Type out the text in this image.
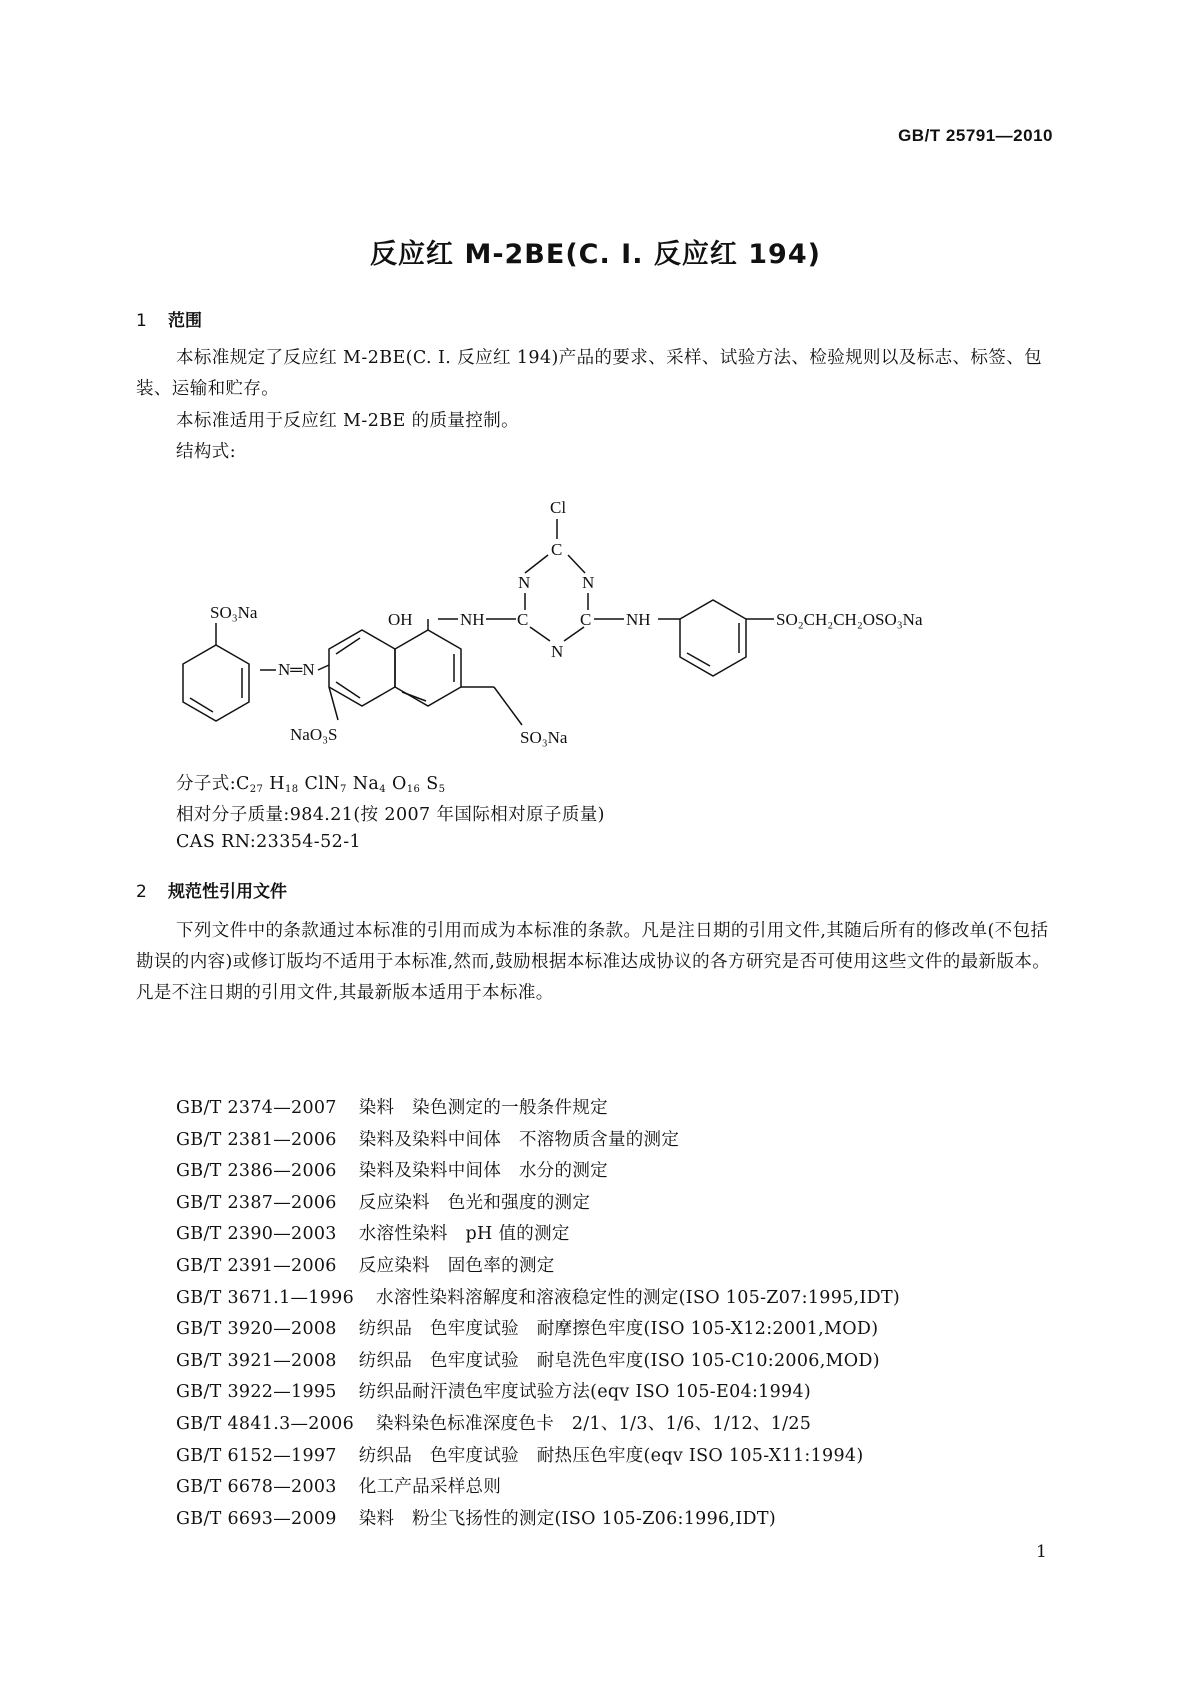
GB/T 25791—2010
反应红 M-2BE(C. I. 反应红 194)
1 范围
本标准规定了反应红 M-2BE(C. I. 反应红 194)产品的要求、采样、试验方法、检验规则以及标志、标签、包装、运输和贮存。
本标准适用于反应红 M-2BE 的质量控制。
结构式:
Cl
C
N	N
C	C
N
NH	NH	SO₂CH₂CH₂OSO₃Na
OH
N═N
SO₃Na
NaO₃S	SO₃Na
分子式$:C_{27}$ $H_{18}$ ClN$_7$ $Na_4$ $O_{16}$ $S_5$
相对分子质量:984.21(按 2007 年国际相对原子质量)
CAS RN:23354-52-1
2 规范性引用文件
下列文件中的条款通过本标准的引用而成为本标准的条款。凡是注日期的引用文件,其随后所有的修改单(不包括勘误的内容)或修订版均不适用于本标准,然而,鼓励根据本标准达成协议的各方研究是否可使用这些文件的最新版本。凡是不注日期的引用文件,其最新版本适用于本标准。
GB/T 2374—2007 染料　染色测定的一般条件规定
GB/T 2381—2006 染料及染料中间体　不溶物质含量的测定
GB/T 2386—2006 染料及染料中间体　水分的测定
GB/T 2387—2006 反应染料　色光和强度的测定
GB/T 2390—2003 水溶性染料　pH 值的测定
GB/T 2391—2006 反应染料　固色率的测定
GB/T 3671.1—1996 水溶性染料溶解度和溶液稳定性的测定(ISO 105-Z07:1995,IDT)
GB/T 3920—2008 纺织品　色牢度试验　耐摩擦色牢度(ISO 105-X12:2001,MOD)
GB/T 3921—2008 纺织品　色牢度试验　耐皂洗色牢度(ISO 105-C10:2006,MOD)
GB/T 3922—1995 纺织品耐汗渍色牢度试验方法(eqv ISO 105-E04:1994)
GB/T 4841.3—2006 染料染色标准深度色卡　2/1、1/3、1/6、1/12、1/25
GB/T 6152—1997 纺织品　色牢度试验　耐热压色牢度(eqv ISO 105-X11:1994)
GB/T 6678—2003 化工产品采样总则
GB/T 6693—2009 染料　粉尘飞扬性的测定(ISO 105-Z06:1996,IDT)
1
